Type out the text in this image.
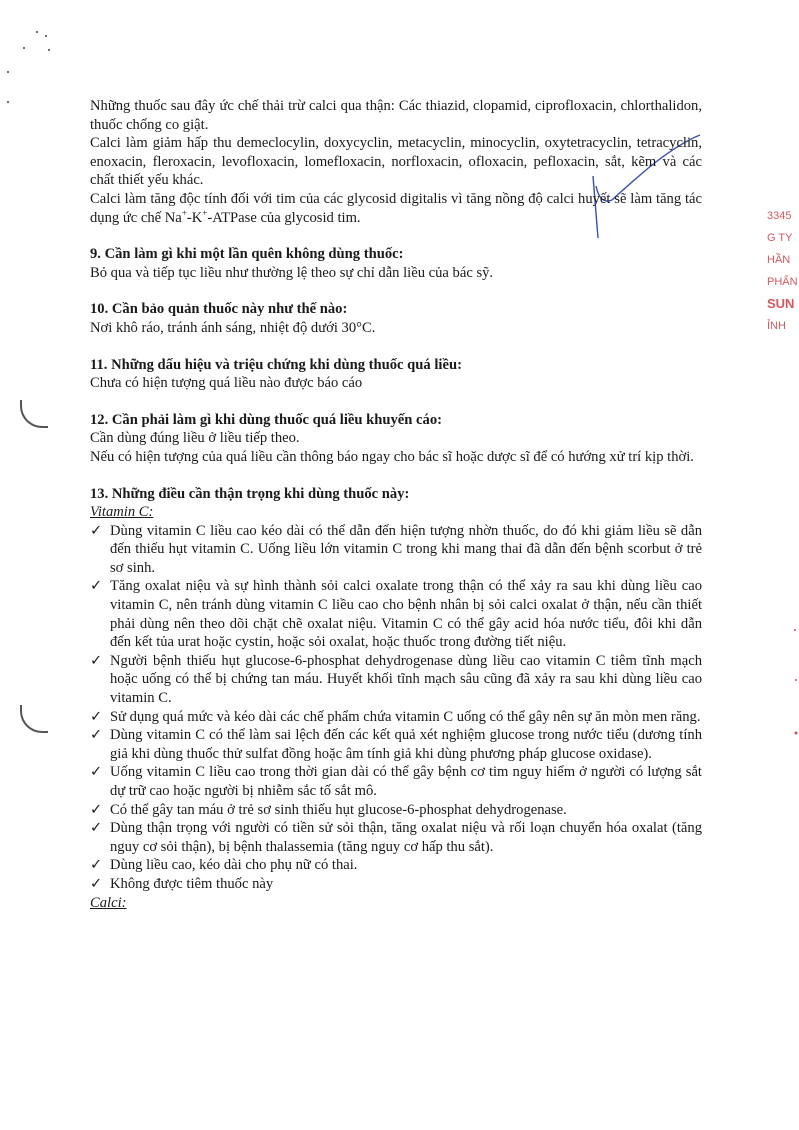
3345
G TY
HẦN
PHẨN
SUN
ỈNH

Những thuốc sau đây ức chế thải trừ calci qua thận: Các thiazid, clopamid, ciprofloxacin, chlorthalidon, thuốc chống co giật.

Calci làm giảm hấp thu demeclocylin, doxycyclin, metacyclin, minocyclin, oxytetracyclin, tetracyclin, enoxacin, fleroxacin, levofloxacin, lomefloxacin, norfloxacin, ofloxacin, pefloxacin, sắt, kẽm và các chất thiết yếu khác.

Calci làm tăng độc tính đối với tim của các glycosid digitalis vì tăng nồng độ calci huyết sẽ làm tăng tác dụng ức chế Na+-K+-ATPase của glycosid tim.

9. Cần làm gì khi một lần quên không dùng thuốc:

Bỏ qua và tiếp tục liều như thường lệ theo sự chỉ dẫn liều của bác sỹ.

10. Cần bảo quản thuốc này như thế nào:

Nơi khô ráo, tránh ánh sáng, nhiệt độ dưới 30°C.

11. Những dấu hiệu và triệu chứng khi dùng thuốc quá liều:

Chưa có hiện tượng quá liều nào được báo cáo

12. Cần phải làm gì khi dùng thuốc quá liều khuyến cáo:

Cần dùng đúng liều ở liều tiếp theo.

Nếu có hiện tượng của quá liều cần thông báo ngay cho bác sĩ hoặc dược sĩ để có hướng xử trí kịp thời.

13. Những điều cần thận trọng khi dùng thuốc này:

Vitamin C:

✓ Dùng vitamin C liều cao kéo dài có thể dẫn đến hiện tượng nhờn thuốc, do đó khi giảm liều sẽ dẫn đến thiếu hụt vitamin C. Uống liều lớn vitamin C trong khi mang thai đã dẫn đến bệnh scorbut ở trẻ sơ sinh.
✓ Tăng oxalat niệu và sự hình thành sỏi calci oxalate trong thận có thể xảy ra sau khi dùng liều cao vitamin C, nên tránh dùng vitamin C liều cao cho bệnh nhân bị sỏi calci oxalat ở thận, nếu cần thiết phải dùng nên theo dõi chặt chẽ oxalat niệu. Vitamin C có thể gây acid hóa nước tiểu, đôi khi dẫn đến kết tủa urat hoặc cystin, hoặc sỏi oxalat, hoặc thuốc trong đường tiết niệu.
✓ Người bệnh thiếu hụt glucose-6-phosphat dehydrogenase dùng liều cao vitamin C tiêm tĩnh mạch hoặc uống có thể bị chứng tan máu. Huyết khối tĩnh mạch sâu cũng đã xảy ra sau khi dùng liều cao vitamin C.
✓ Sử dụng quá mức và kéo dài các chế phẩm chứa vitamin C uống có thể gây nên sự ăn mòn men răng.
✓ Dùng vitamin C có thể làm sai lệch đến các kết quả xét nghiệm glucose trong nước tiểu (dương tính giả khi dùng thuốc thử sulfat đồng hoặc âm tính giả khi dùng phương pháp glucose oxidase).
✓ Uống vitamin C liều cao trong thời gian dài có thể gây bệnh cơ tim nguy hiểm ở người có lượng sắt dự trữ cao hoặc người bị nhiễm sắc tố sắt mô.
✓ Có thể gây tan máu ở trẻ sơ sinh thiếu hụt glucose-6-phosphat dehydrogenase.
✓ Dùng thận trọng với người có tiền sử sỏi thận, tăng oxalat niệu và rối loạn chuyển hóa oxalat (tăng nguy cơ sỏi thận), bị bệnh thalassemia (tăng nguy cơ hấp thu sắt).
✓ Dùng liều cao, kéo dài cho phụ nữ có thai.
✓ Không được tiêm thuốc này

Calci:
